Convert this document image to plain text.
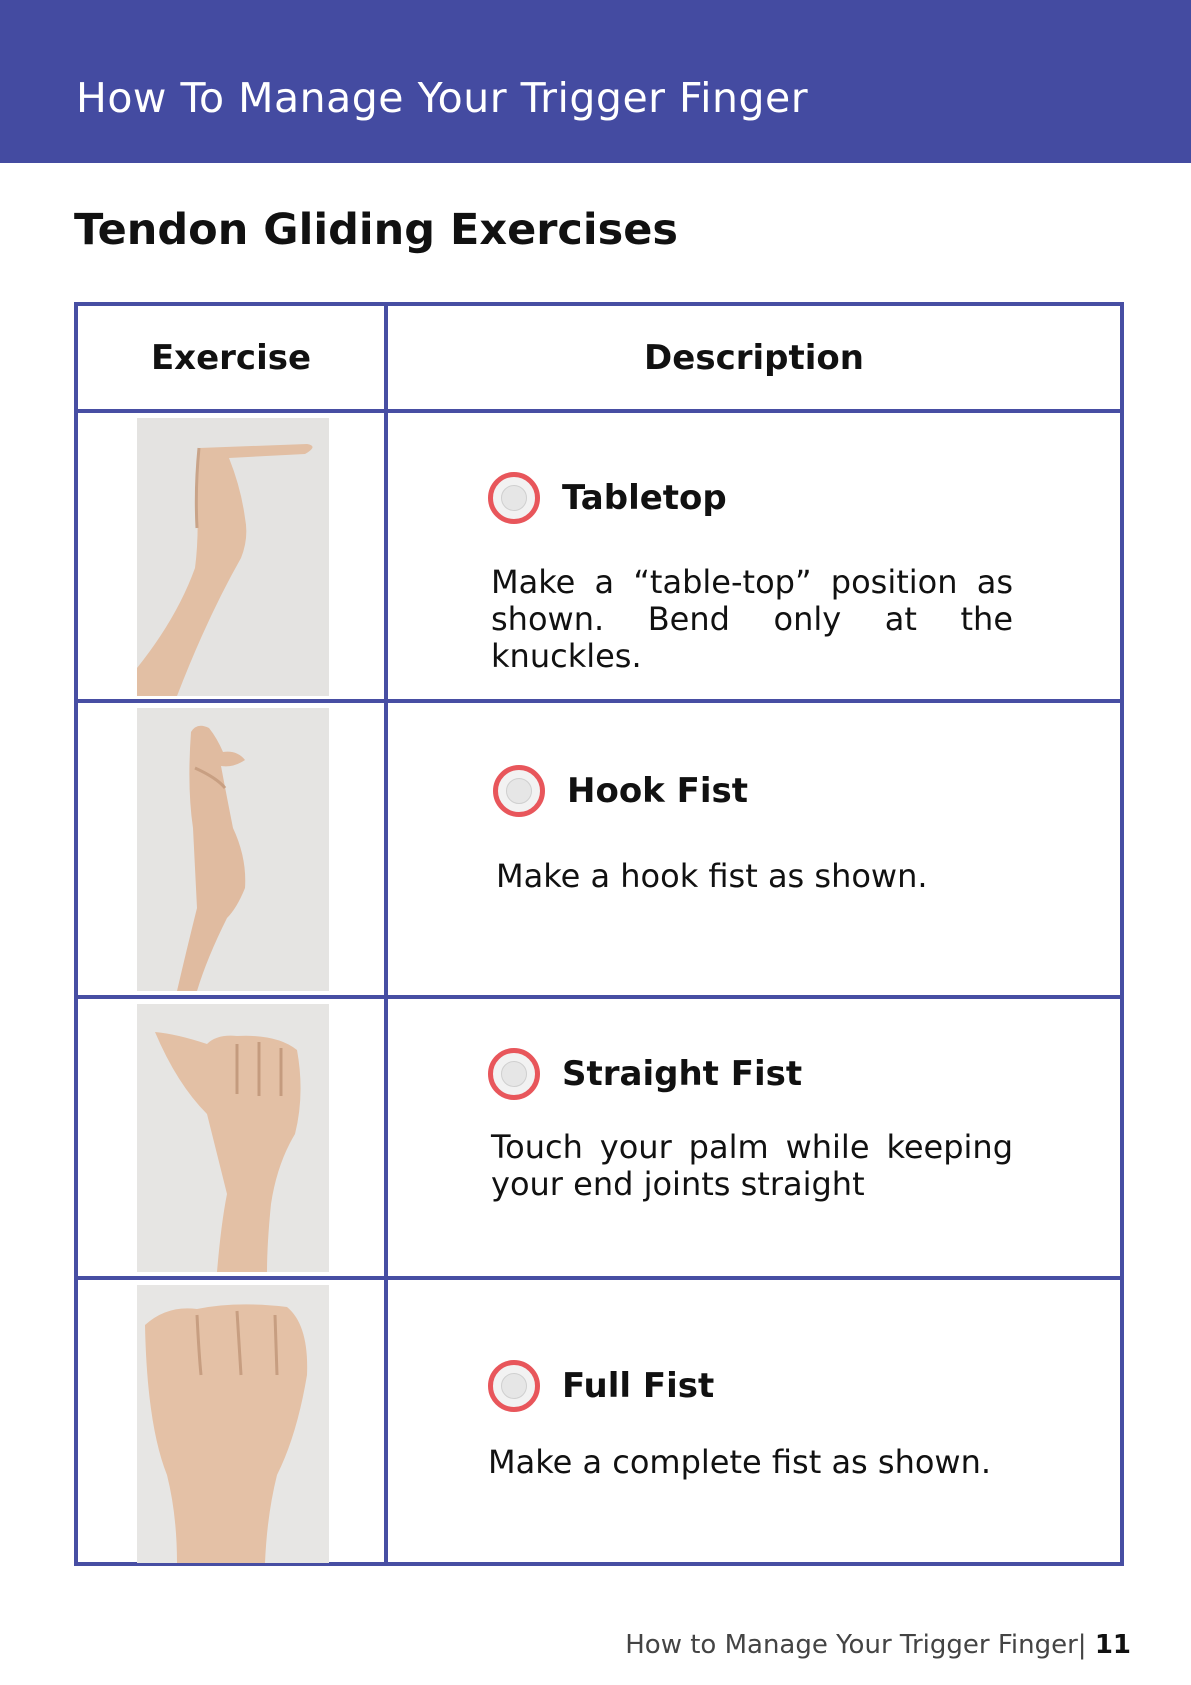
How To Manage Your Trigger Finger
Tendon Gliding Exercises
Exercise	Description
Tabletop
Make a “table-top” position as shown. Bend only at the knuckles.
Hook Fist
Make a hook fist as shown.
Straight Fist
Touch your palm while keeping your end joints straight
Full Fist
Make a complete fist as shown.
How to Manage Your Trigger Finger| 11
